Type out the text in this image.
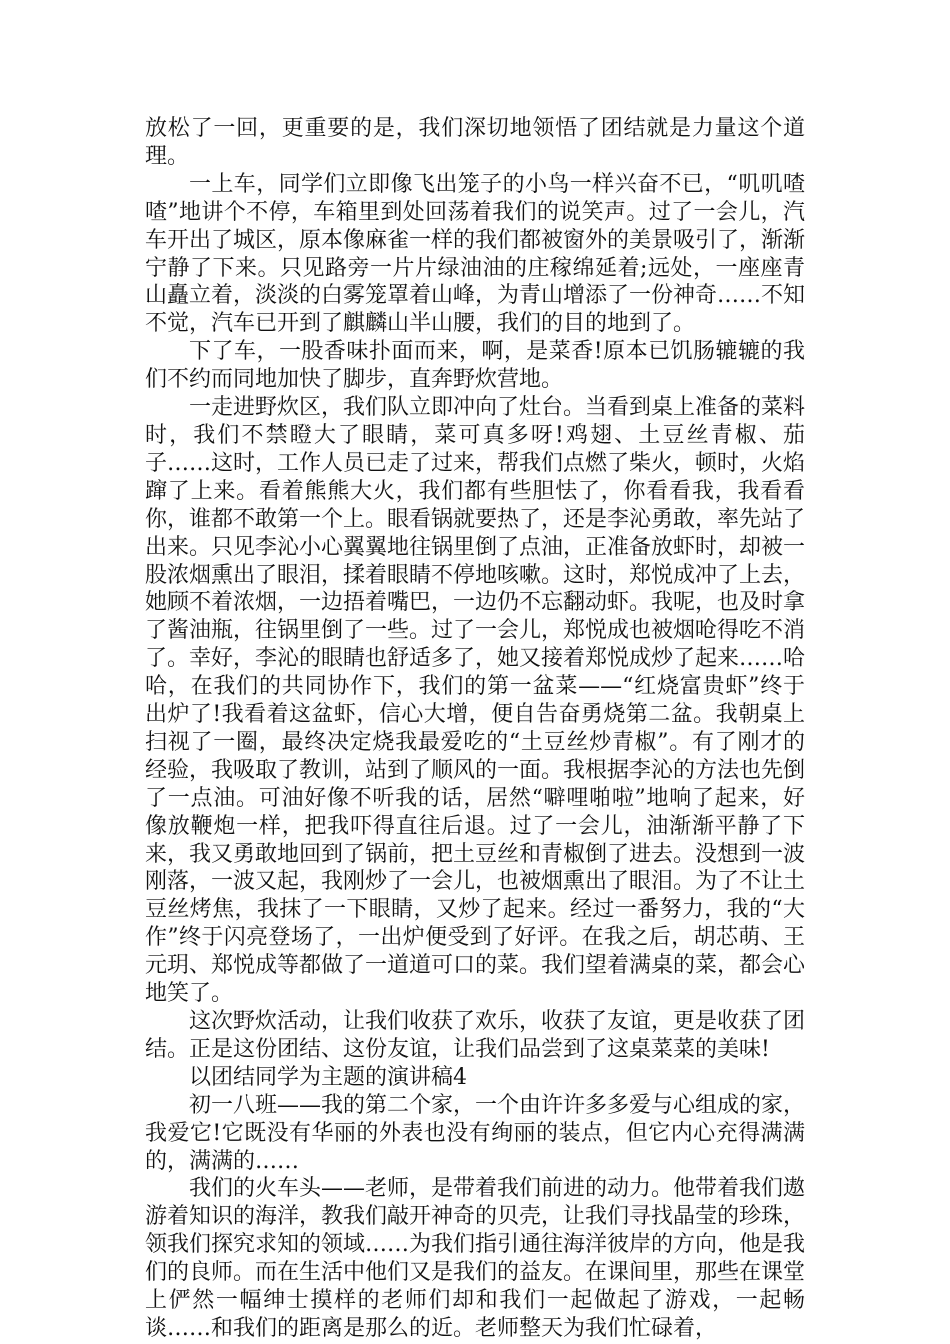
放松了一回，更重要的是，我们深切地领悟了团结就是力量这个道理。

一上车，同学们立即像飞出笼子的小鸟一样兴奋不已，“叽叽喳喳”地讲个不停，车箱里到处回荡着我们的说笑声。过了一会儿，汽车开出了城区，原本像麻雀一样的我们都被窗外的美景吸引了，渐渐宁静了下来。只见路旁一片片绿油油的庄稼绵延着;远处，一座座青山矗立着，淡淡的白雾笼罩着山峰，为青山增添了一份神奇……不知不觉，汽车已开到了麒麟山半山腰，我们的目的地到了。

下了车，一股香味扑面而来，啊，是菜香!原本已饥肠辘辘的我们不约而同地加快了脚步，直奔野炊营地。

一走进野炊区，我们队立即冲向了灶台。当看到桌上准备的菜料时，我们不禁瞪大了眼睛，菜可真多呀!鸡翅、土豆丝青椒、茄子……这时，工作人员已走了过来，帮我们点燃了柴火，顿时，火焰蹿了上来。看着熊熊大火，我们都有些胆怯了，你看看我，我看看你，谁都不敢第一个上。眼看锅就要热了，还是李沁勇敢，率先站了出来。只见李沁小心翼翼地往锅里倒了点油，正准备放虾时，却被一股浓烟熏出了眼泪，揉着眼睛不停地咳嗽。这时，郑悦成冲了上去，她顾不着浓烟，一边捂着嘴巴，一边仍不忘翻动虾。我呢，也及时拿了酱油瓶，往锅里倒了一些。过了一会儿，郑悦成也被烟呛得吃不消了。幸好，李沁的眼睛也舒适多了，她又接着郑悦成炒了起来……哈哈，在我们的共同协作下，我们的第一盆菜——“红烧富贵虾”终于出炉了!我看着这盆虾，信心大增，便自告奋勇烧第二盆。我朝桌上扫视了一圈，最终决定烧我最爱吃的“土豆丝炒青椒”。有了刚才的经验，我吸取了教训，站到了顺风的一面。我根据李沁的方法也先倒了一点油。可油好像不听我的话，居然“噼哩啪啦”地响了起来，好像放鞭炮一样，把我吓得直往后退。过了一会儿，油渐渐平静了下来，我又勇敢地回到了锅前，把土豆丝和青椒倒了进去。没想到一波刚落，一波又起，我刚炒了一会儿，也被烟熏出了眼泪。为了不让土豆丝烤焦，我抹了一下眼睛，又炒了起来。经过一番努力，我的“大作”终于闪亮登场了，一出炉便受到了好评。在我之后，胡芯萌、王元玥、郑悦成等都做了一道道可口的菜。我们望着满桌的菜，都会心地笑了。

这次野炊活动，让我们收获了欢乐，收获了友谊，更是收获了团结。正是这份团结、这份友谊，让我们品尝到了这桌菜菜的美味!

以团结同学为主题的演讲稿4

初一八班——我的第二个家，一个由许许多多爱与心组成的家，我爱它!它既没有华丽的外表也没有绚丽的装点，但它内心充得满满的，满满的……

我们的火车头——老师，是带着我们前进的动力。他带着我们遨游着知识的海洋，教我们敲开神奇的贝壳，让我们寻找晶莹的珍珠，领我们探究求知的领域……为我们指引通往海洋彼岸的方向，他是我们的良师。而在生活中他们又是我们的益友。在课间里，那些在课堂上俨然一幅绅士摸样的老师们却和我们一起做起了游戏，一起畅谈……和我们的距离是那么的近。老师整天为我们忙碌着，
